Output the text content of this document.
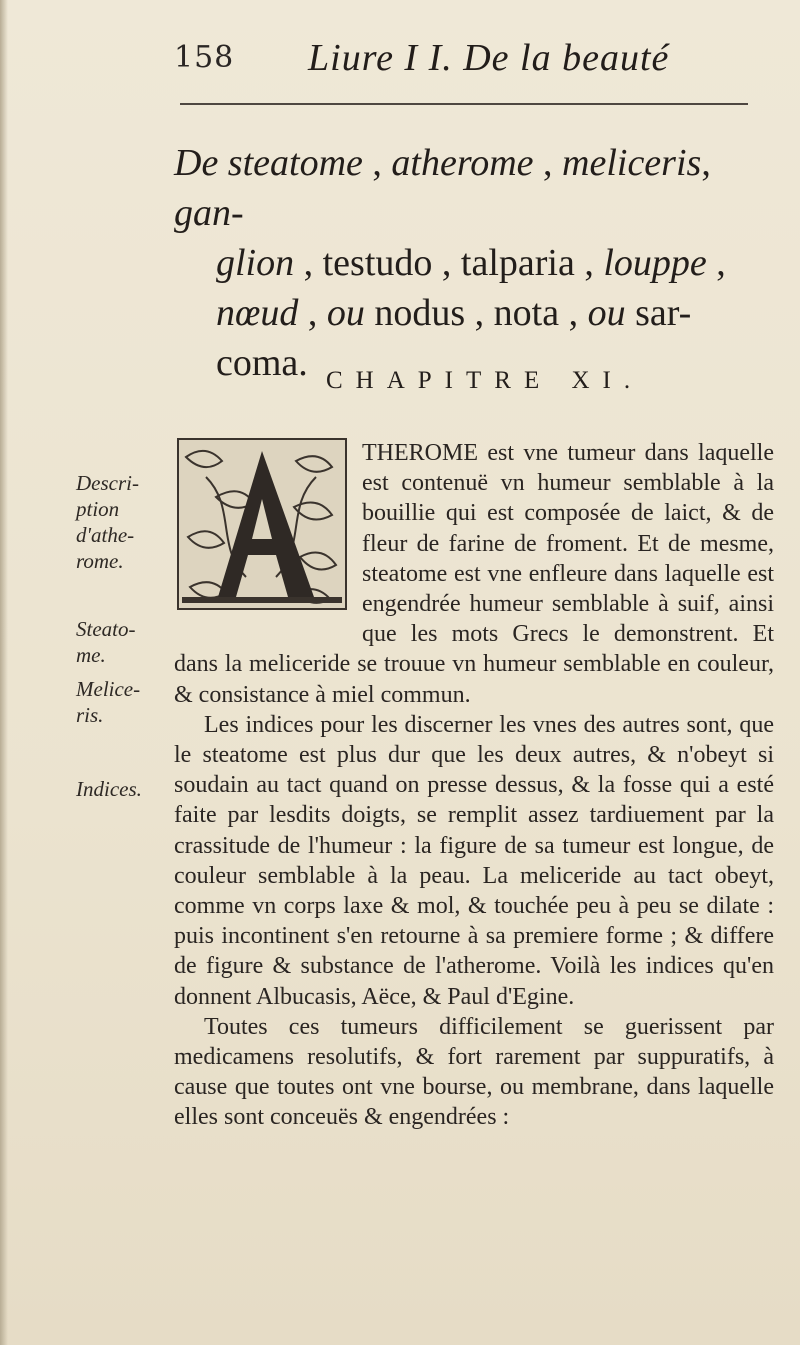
158 Liure I I. De la beauté
De steatome , atherome , meliceris, gan-
glion , testudo , talparia , louppe ,
nœud , ou nodus , nota , ou sar-
coma. CHAPITRE XI.
Descri-
ption
d'athe-
rome.
Steato-
me.
Melice-
ris.
Indices.

THEROME est vne tumeur dans laquelle est contenuë vn humeur semblable à la bouillie qui est composée de laict, & de fleur de farine de froment. Et de mesme, steatome est vne enfleure dans laquelle est engendrée humeur semblable à suif, ainsi que les mots Grecs le demonstrent. Et dans la meliceride se trouue vn humeur semblable en couleur, & consistance à miel commun.

Les indices pour les discerner les vnes des autres sont, que le steatome est plus dur que les deux autres, & n'obeyt si soudain au tact quand on presse dessus, & la fosse qui a esté faite par lesdits doigts, se remplit assez tardiuement par la crassitude de l'humeur : la figure de sa tumeur est longue, de couleur semblable à la peau. La meliceride au tact obeyt, comme vn corps laxe & mol, & touchée peu à peu se dilate : puis incontinent s'en retourne à sa premiere forme ; & differe de figure & substance de l'atherome. Voilà les indices qu'en donnent Albucasis, Aëce, & Paul d'Egine.

Toutes ces tumeurs difficilement se guerissent par medicamens resolutifs, & fort rarement par suppuratifs, à cause que toutes ont vne bourse, ou membrane, dans laquelle elles sont conceuës & engendrées :
